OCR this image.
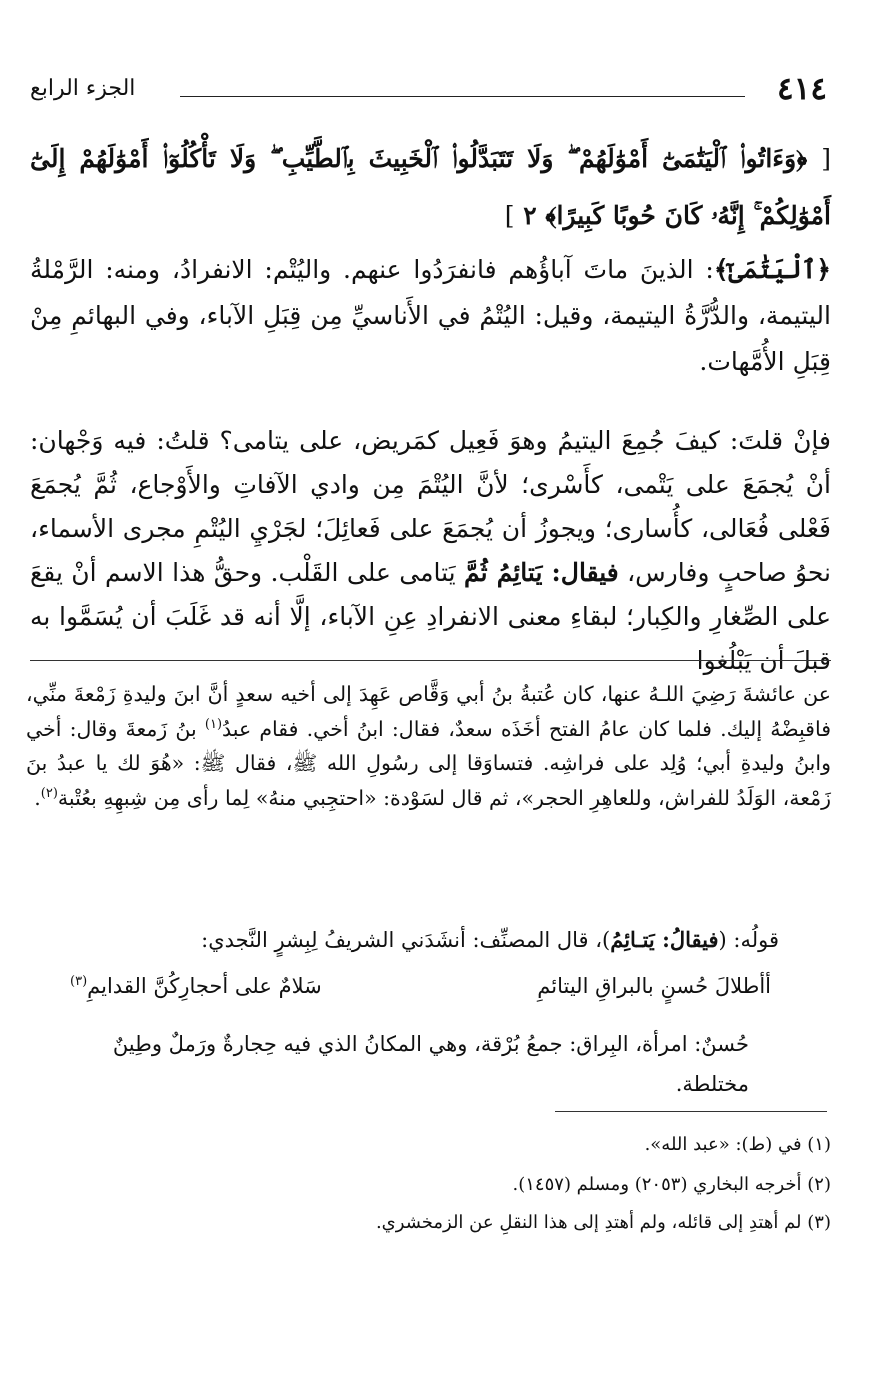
٤١٤
الجزء الرابع
[ ﴿وَءَاتُوا۟ ٱلْيَتَٰمَىٰٓ أَمْوَٰلَهُمْ ۖ وَلَا تَتَبَدَّلُوا۟ ٱلْخَبِيثَ بِٱلطَّيِّبِ ۖ وَلَا تَأْكُلُوٓا۟ أَمْوَٰلَهُمْ إِلَىٰٓ أَمْوَٰلِكُمْ ۚ إِنَّهُۥ كَانَ حُوبًا كَبِيرًا﴾ ٢ ]
﴿ٱلْيَتَٰمَىٰٓ﴾: الذينَ ماتَ آباؤُهم فانفرَدُوا عنهم. واليُتْم: الانفرادُ، ومنه: الرَّمْلةُ اليتيمة، والدُّرَّةُ اليتيمة، وقيل: اليُتْمُ في الأَناسيِّ مِن قِبَلِ الآباء، وفي البهائمِ مِنْ قِبَلِ الأُمَّهات.
فإنْ قلتَ: كيفَ جُمِعَ اليتيمُ وهوَ فَعِيل كمَريض، على يتامى؟ قلتُ: فيه وَجْهان: أنْ يُجمَعَ على يَتْمى، كأَسْرى؛ لأنَّ اليُتْمَ مِن وادي الآفاتِ والأَوْجاع، ثُمَّ يُجمَعَ فَعْلى فُعَالى، كأُسارى؛ ويجوزُ أن يُجمَعَ على فَعائِلَ؛ لجَرْيِ اليُتْمِ مجرى الأسماء، نحوُ صاحبٍ وفارس، فيقال: يَتائِمُ ثُمَّ يَتامى على القَلْب. وحقُّ هذا الاسم أنْ يقعَ على الصِّغارِ والكِبار؛ لبقاءِ معنى الانفرادِ عِنِ الآباء، إلَّا أنه قد غَلَبَ أن يُسَمَّوا به قبلَ أن يَبْلُغوا
عن عائشةَ رَضِيَ اللـهُ عنها، كان عُتبةُ بنُ أبي وَقَّاص عَهِدَ إلى أخيه سعدٍ أنَّ ابنَ وليدةِ زَمْعةَ منِّي، فاقبِضْهُ إليك. فلما كان عامُ الفتح أخَذَه سعدٌ، فقال: ابنُ أخي. فقام عبدُ$^{(١)}$ بنُ زَمعةَ وقال: أخي وابنُ وليدةِ أبي؛ وُلِد على فراشِه. فتساوَقا إلى رسُولِ الله ﷺ، فقال ﷺ: «هُوَ لك يا عبدُ بنَ زَمْعة، الوَلَدُ للفراش، وللعاهِرِ الحجر»، ثم قال لسَوْدة: «احتجِبي منهُ» لِما رأى مِن شِبهِهِ بعُتْبة$^{(٢)}$.
قولُه: (فيقالُ: يَتـائِمُ)، قال المصنِّف: أنشَدَني الشريفُ لِبِشرٍ النَّجدي:
أأطلالَ حُسنٍ بالبراقِ اليتائمِ
سَلامٌ على أحجارِكُنَّ القدايمِ$^{(٣)}$
حُسنٌ: امرأة، البِراق: جمعُ بُرْقة، وهي المكانُ الذي فيه حِجارةٌ ورَملٌ وطِينٌ مختلطة.
(١) في (ط): «عبد الله».
(٢) أخرجه البخاري (٢٠٥٣) ومسلم (١٤٥٧).
(٣) لم أهتدِ إلى قائله، ولم أهتدِ إلى هذا النقلِ عن الزمخشري.
